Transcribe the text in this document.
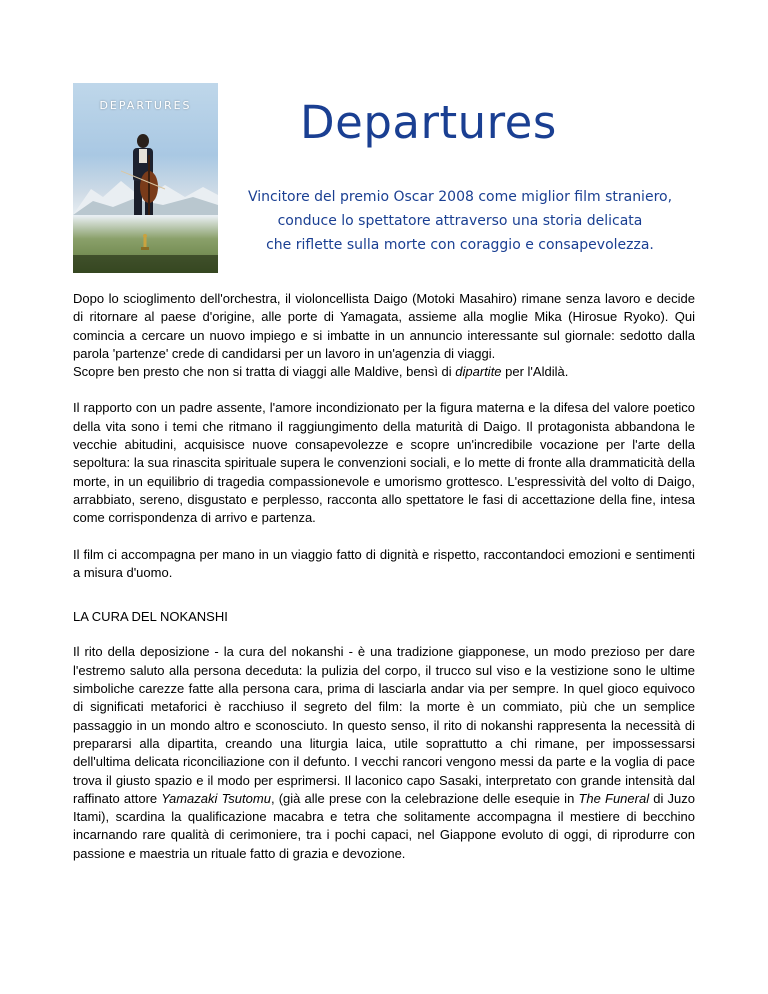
DEPARTURES	Departures
Vincitore del premio Oscar 2008 come miglior film straniero,
conduce lo spettatore attraverso una storia delicata
che riflette sulla morte con coraggio e consapevolezza.

Dopo lo scioglimento dell'orchestra, il violoncellista Daigo (Motoki Masahiro) rimane senza lavoro e decide di ritornare al paese d'origine, alle porte di Yamagata, assieme alla moglie Mika (Hirosue Ryoko). Qui comincia a cercare un nuovo impiego e si imbatte in un annuncio interessante sul giornale: sedotto dalla parola 'partenze' crede di candidarsi per un lavoro in un'agenzia di viaggi.
Scopre ben presto che non si tratta di viaggi alle Maldive, bensì di dipartite per l'Aldilà.

Il rapporto con un padre assente, l'amore incondizionato per la figura materna e la difesa del valore poetico della vita sono i temi che ritmano il raggiungimento della maturità di Daigo. Il protagonista abbandona le vecchie abitudini, acquisisce nuove consapevolezze e scopre un'incredibile vocazione per l'arte della sepoltura: la sua rinascita spirituale supera le convenzioni sociali, e lo mette di fronte alla drammaticità della morte, in un equilibrio di tragedia compassionevole e umorismo grottesco. L'espressività del volto di Daigo, arrabbiato, sereno, disgustato e perplesso, racconta allo spettatore le fasi di accettazione della fine, intesa come corrispondenza di arrivo e partenza.

Il film ci accompagna per mano in un viaggio fatto di dignità e rispetto, raccontandoci emozioni e sentimenti a misura d'uomo.

LA CURA DEL NOKANSHI

Il rito della deposizione - la cura del nokanshi - è una tradizione giapponese, un modo prezioso per dare l'estremo saluto alla persona deceduta: la pulizia del corpo, il trucco sul viso e la vestizione sono le ultime simboliche carezze fatte alla persona cara, prima di lasciarla andar via per sempre. In quel gioco equivoco di significati metaforici è racchiuso il segreto del film: la morte è un commiato, più che un semplice passaggio in un mondo altro e sconosciuto. In questo senso, il rito di nokanshi rappresenta la necessità di prepararsi alla dipartita, creando una liturgia laica, utile soprattutto a chi rimane, per impossessarsi dell'ultima delicata riconciliazione con il defunto. I vecchi rancori vengono messi da parte e la voglia di pace trova il giusto spazio e il modo per esprimersi. Il laconico capo Sasaki, interpretato con grande intensità dal raffinato attore Yamazaki Tsutomu, (già alle prese con la celebrazione delle esequie in The Funeral di Juzo Itami), scardina la qualificazione macabra e tetra che solitamente accompagna il mestiere di becchino incarnando rare qualità di cerimoniere, tra i pochi capaci, nel Giappone evoluto di oggi, di riprodurre con passione e maestria un rituale fatto di grazia e devozione.
